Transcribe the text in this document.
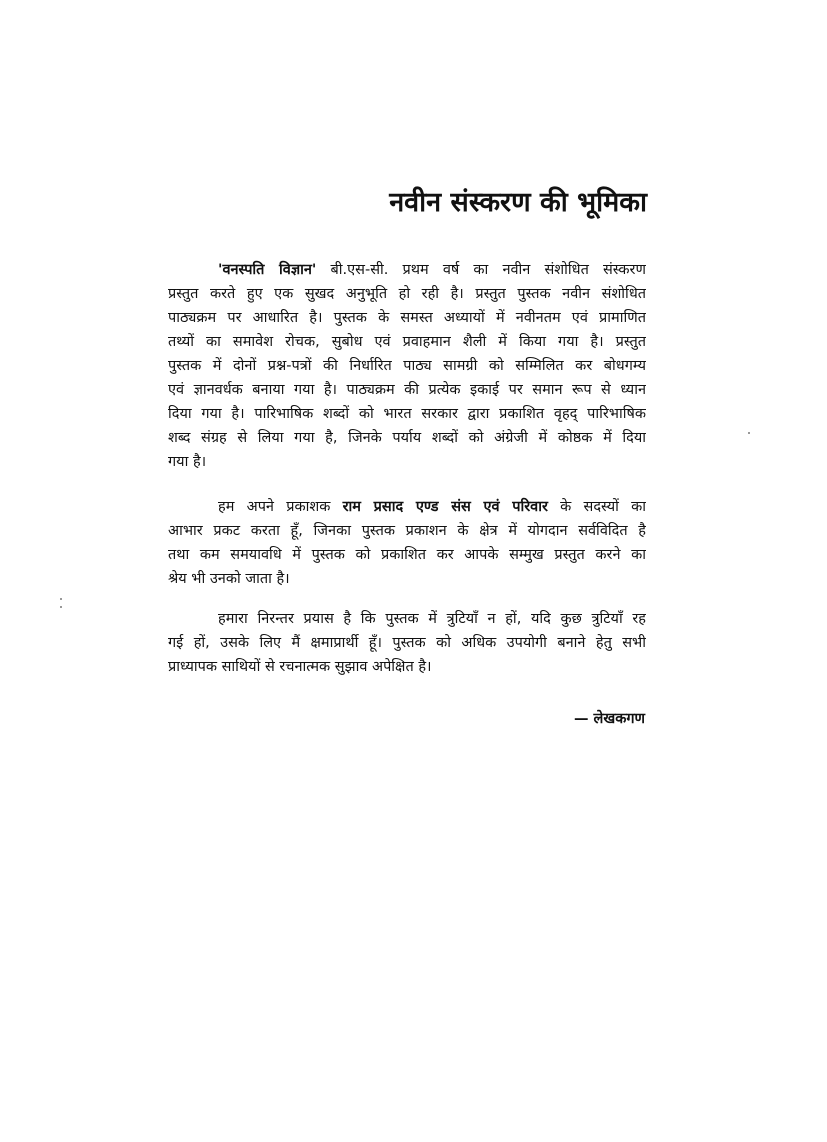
नवीन संस्करण की भूमिका
'वनस्पति विज्ञान' बी.एस-सी. प्रथम वर्ष का नवीन संशोधित संस्करण
प्रस्तुत करते हुए एक सुखद अनुभूति हो रही है। प्रस्तुत पुस्तक नवीन संशोधित
पाठ्यक्रम पर आधारित है। पुस्तक के समस्त अध्यायों में नवीनतम एवं प्रामाणित
तथ्यों का समावेश रोचक, सुबोध एवं प्रवाहमान शैली में किया गया है। प्रस्तुत
पुस्तक में दोनों प्रश्न-पत्रों की निर्धारित पाठ्य सामग्री को सम्मिलित कर बोधगम्य
एवं ज्ञानवर्धक बनाया गया है। पाठ्यक्रम की प्रत्येक इकाई पर समान रूप से ध्यान
दिया गया है। पारिभाषिक शब्दों को भारत सरकार द्वारा प्रकाशित वृहद् पारिभाषिक
शब्द संग्रह से लिया गया है, जिनके पर्याय शब्दों को अंग्रेजी में कोष्ठक में दिया
गया है।
हम अपने प्रकाशक राम प्रसाद एण्ड संस एवं परिवार के सदस्यों का
आभार प्रकट करता हूँ, जिनका पुस्तक प्रकाशन के क्षेत्र में योगदान सर्वविदित है
तथा कम समयावधि में पुस्तक को प्रकाशित कर आपके सम्मुख प्रस्तुत करने का
श्रेय भी उनको जाता है।
हमारा निरन्तर प्रयास है कि पुस्तक में त्रुटियाँ न हों, यदि कुछ त्रुटियाँ रह
गई हों, उसके लिए मैं क्षमाप्रार्थी हूँ। पुस्तक को अधिक उपयोगी बनाने हेतु सभी
प्राध्यापक साथियों से रचनात्मक सुझाव अपेक्षित है।
— लेखकगण
